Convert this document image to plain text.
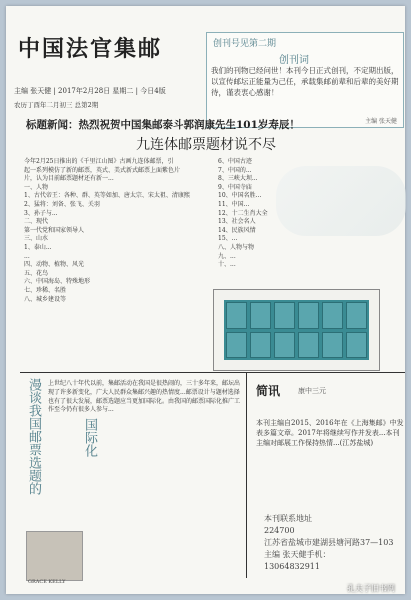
中国法官集邮
主编 张天健 | 2017年2月28日 星期二 | 今日4版
农历丁酉年二月初三 总第2期
创刊号见第二期
创刊词
我们的刊物已经问世！本刊今日正式创刊，不定期出版，以宣传邮坛正能量为己任，承载集邮前辈和后辈的美好期待，谨表衷心感谢！
主编 张天健
标题新闻：热烈祝贺中国集邮泰斗郭润康先生101岁寿辰！
九连体邮票题材说不尽
今年2月25日推出的《千里江山图》古画九连体邮票，引
起一系列模仿了新的邮票，英式、美式新式邮票上面紫色片
片，认为目前邮票题材还有新一...
一、人物
1、古代帝王：各种、群、英等如加、唐太宗、宋太祖、清康熙
2、猛将：刘备、张飞、关羽
3、孙子与...
二、现代
第一代党和国家领导人
三、山水
1、泰山...
...
四、动物、植物、风光
五、花鸟
六、中国海岛、特殊地形
七、珍稀、名胜
八、城乡建设等
6、中国古迹
7、中国的...
8、三峡大坝...
9、中国寺庙
10、中国名胜...
11、中国...
12、十二生肖大全
13、社会名人
14、民族风情
15、...
八、人物与物
九、...
十、...
漫谈我国邮票选题的	国际化
上世纪八十年代以前，集邮活动在我国是很热闹的，三十多年来，邮坛出现了许多新变化，广大人民群众集邮兴趣的热情度...邮票设计与题材选择也有了很大发展，邮票选题应当更加国际化。由我国的邮票国际化推广工作至今仍有很多人参与...
GRACE KELLY
简讯	康中三元
本刊主编自2015、2016年在《上海集邮》中发表多篇文章。2017年将继续写作并发表...本刊主编对邮展工作保持热情...(江苏盐城)
本刊联系地址
224700
江苏省盐城市建湖县塘河路37—103
主编 张天健手机：
13064832911
孔夫子旧书网
